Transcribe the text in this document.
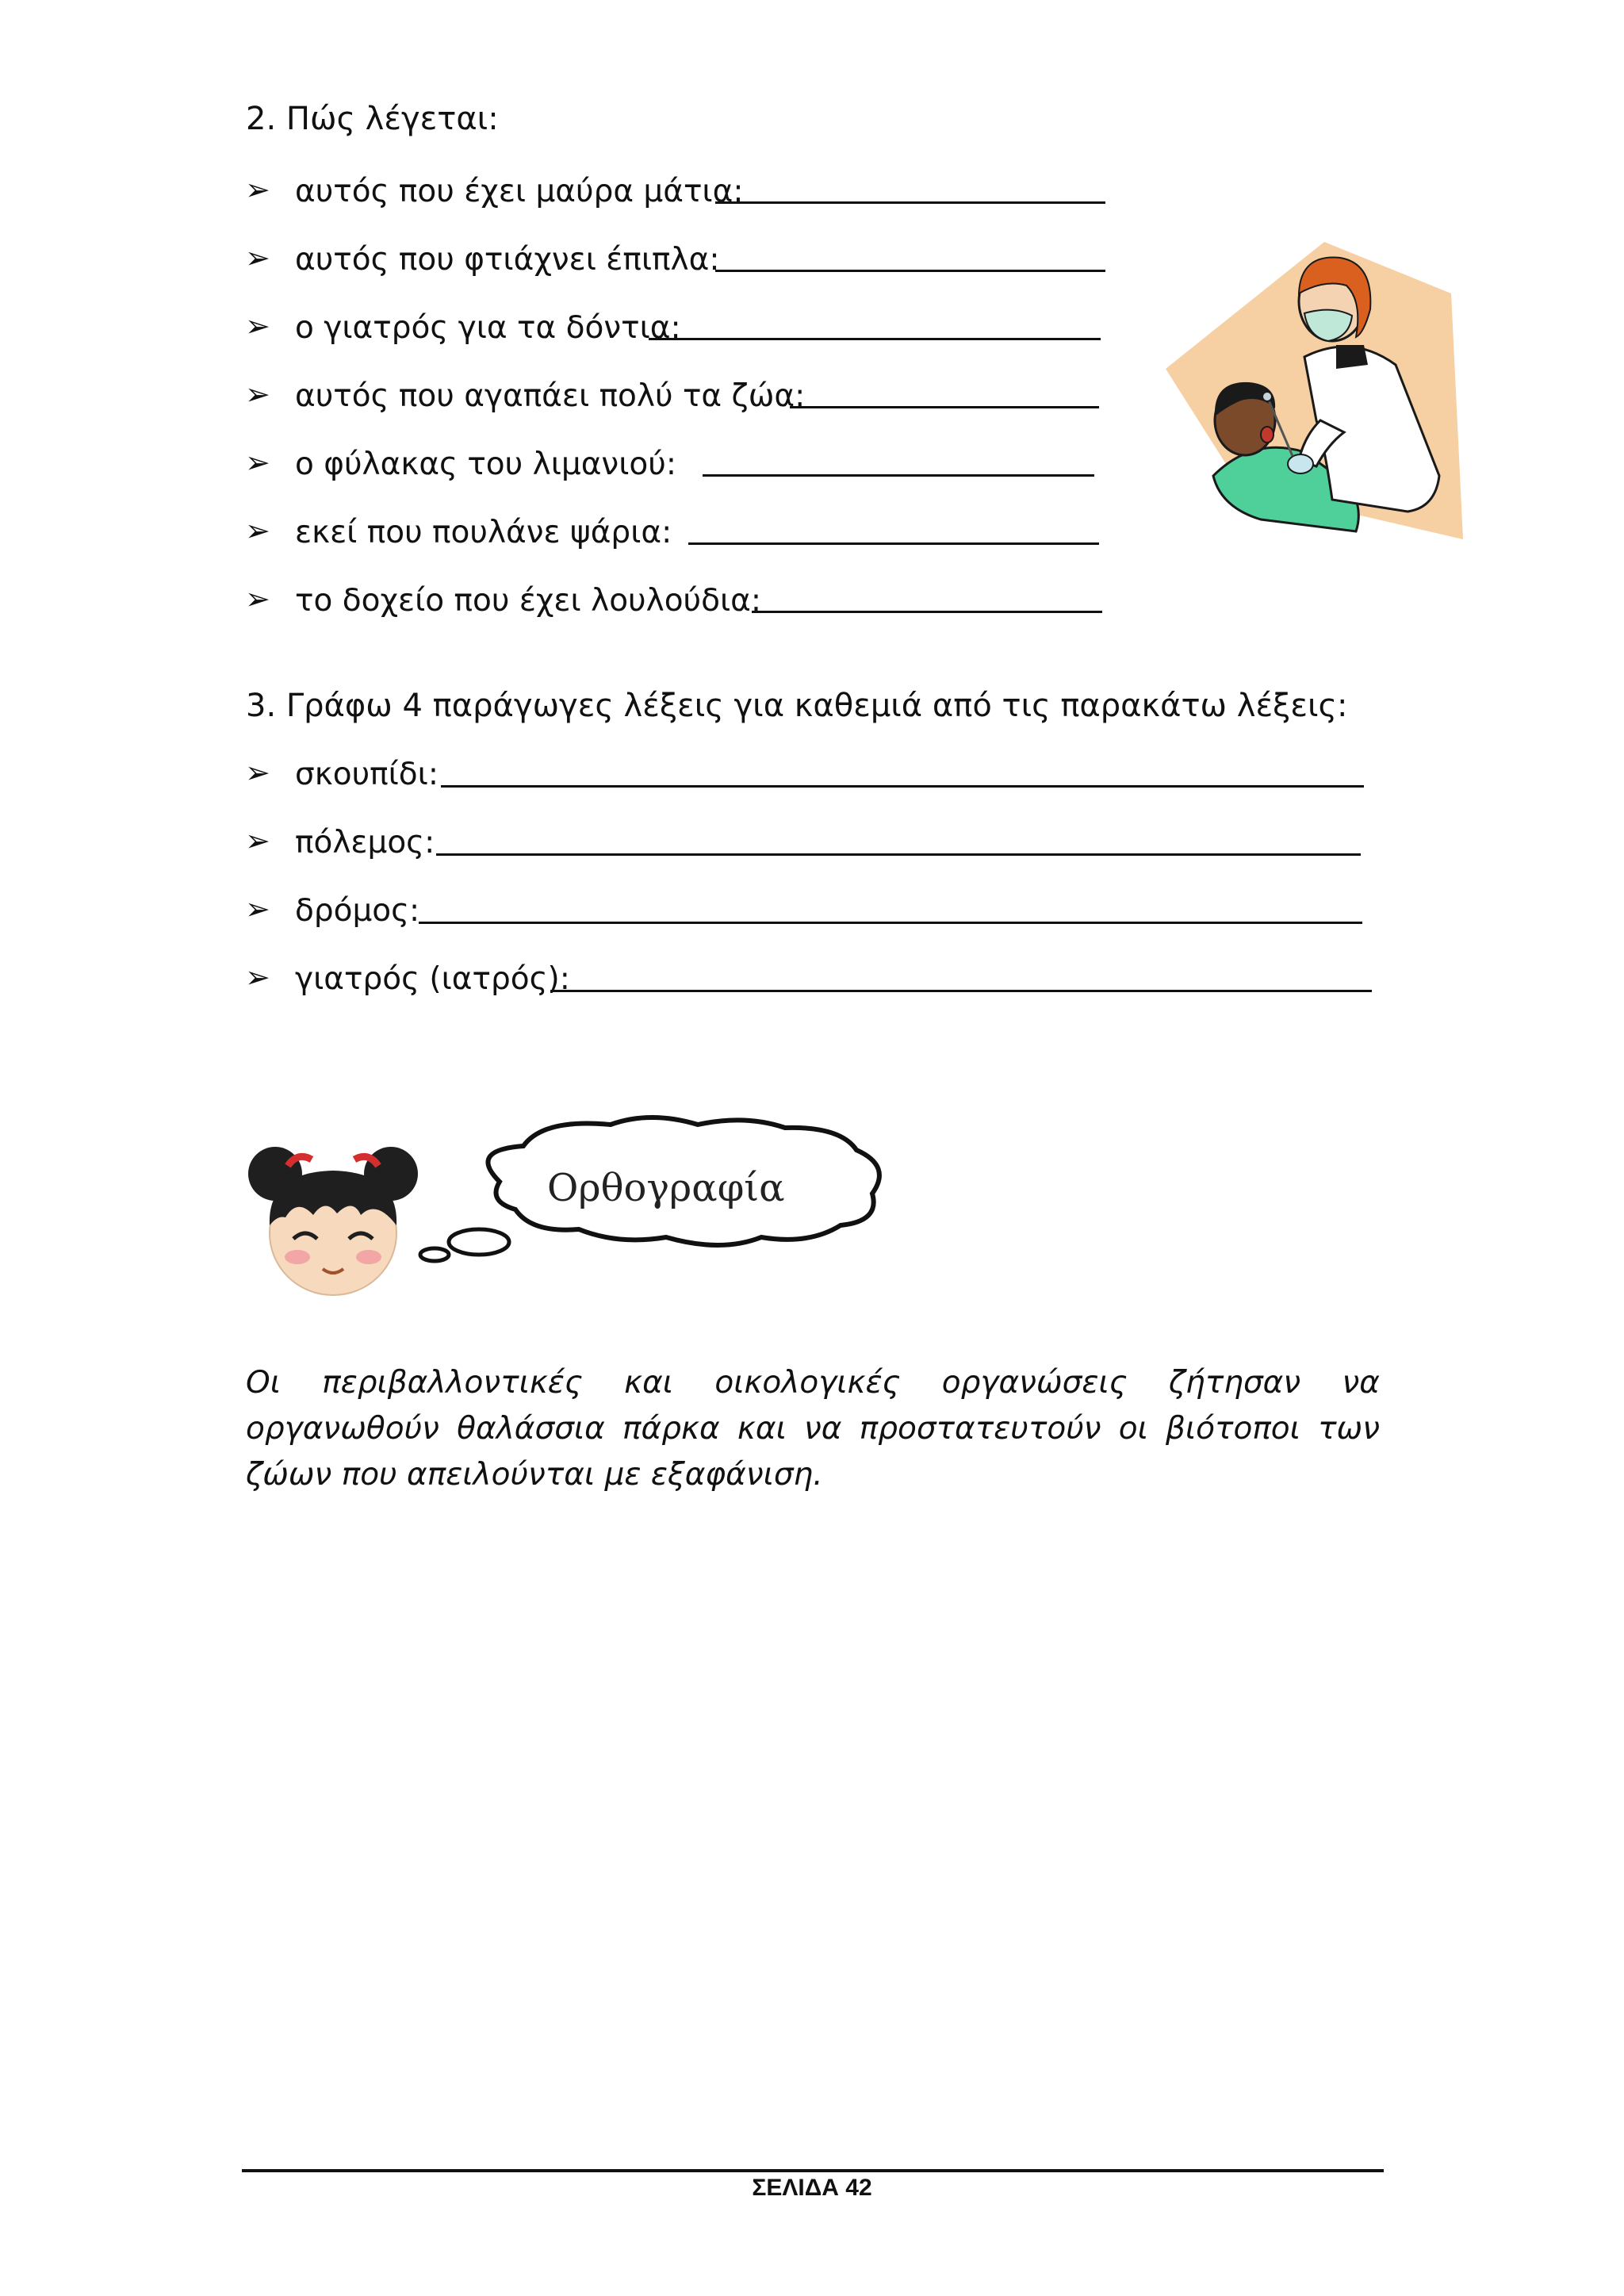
2. Πώς λέγεται:
➢ αυτός που έχει μαύρα μάτια:
➢ αυτός που φτιάχνει έπιπλα:
➢ ο γιατρός για τα δόντια:
➢ αυτός που αγαπάει πολύ τα ζώα:
➢ ο φύλακας του λιμανιού:
➢ εκεί που πουλάνε ψάρια:
➢ το δοχείο που έχει λουλούδια:
3. Γράφω 4 παράγωγες λέξεις για καθεμιά από τις παρακάτω λέξεις:
➢ σκουπίδι:
➢ πόλεμος:
➢ δρόμος:
➢ γιατρός (ιατρός):
Ορθογραφία
Οι περιβαλλοντικές και οικολογικές οργανώσεις ζήτησαν να οργανωθούν θαλάσσια πάρκα και να προστατευτούν οι βιότοποι των ζώων που απειλούνται με εξαφάνιση.
ΣΕΛΙΔΑ 42
